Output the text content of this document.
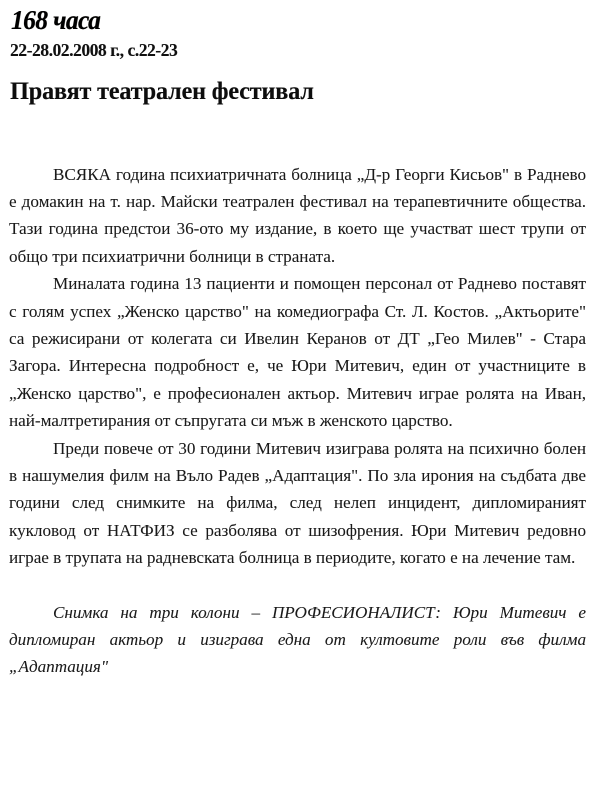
168 часа
22-28.02.2008 г., с.22-23
Правят театрален фестивал

ВСЯКА година психиатричната болница „Д-р Георги Кисьов" в Раднево е домакин на т. нар. Майски театрален фестивал на терапевтичните общества. Тази година предстои 36-ото му издание, в което ще участват шест трупи от общо три психиатрични болници в страната.

Миналата година 13 пациенти и помощен персонал от Раднево поставят с голям успех „Женско царство" на комедиографа Ст. Л. Костов. „Актьорите" са режисирани от колегата си Ивелин Керанов от ДТ „Гео Милев" - Стара Загора. Интересна подробност е, че Юри Митевич, един от участниците в „Женско царство", е професионален актьор. Митевич играе ролята на Иван, най-малтретирания от съпругата си мъж в женското царство.

Преди повече от 30 години Митевич изиграва ролята на психично болен в нашумелия филм на Въло Радев „Адаптация". По зла ирония на съдбата две години след снимките на филма, след нелеп инцидент, дипломираният кукловод от НАТФИЗ се разболява от шизофрения. Юри Митевич редовно играе в трупата на радневската болница в периодите, когато е на лечение там.

Снимка на три колони – ПРОФЕСИОНАЛИСТ: Юри Митевич е дипломиран актьор и изиграва една от култовите роли във филма „Адаптация"
